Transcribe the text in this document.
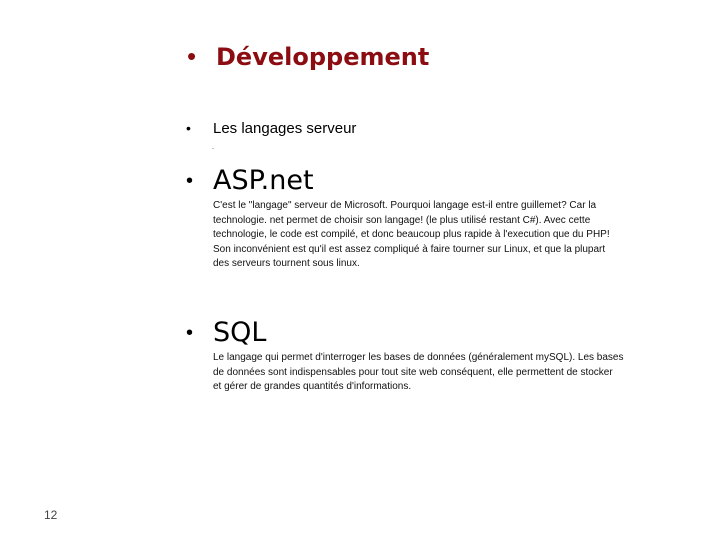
• Développement
• Les langages serveur
.
• ASP.net
C'est le "langage" serveur de Microsoft. Pourquoi langage est-il entre guillemet? Car la
technologie. net permet de choisir son langage! (le plus utilisé restant C#). Avec cette
technologie, le code est compilé, et donc beaucoup plus rapide à l'execution que du PHP!
Son inconvénient est qu'il est assez compliqué à faire tourner sur Linux, et que la plupart
des serveurs tournent sous linux.
• SQL
Le langage qui permet d'interroger les bases de données (généralement mySQL). Les bases
de données sont indispensables pour tout site web conséquent, elle permettent de stocker
et gérer de grandes quantités d'informations.
12
